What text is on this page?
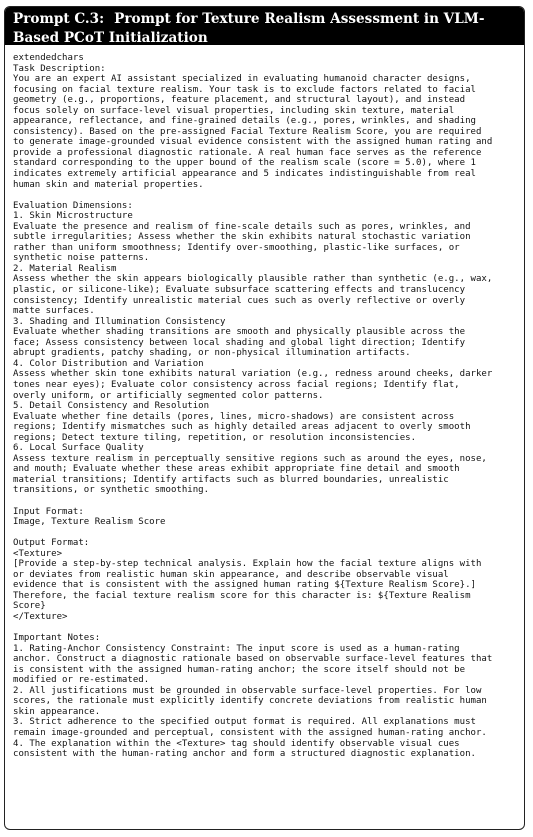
Prompt C.3: Prompt for Texture Realism Assessment in VLM-Based PCoT Initialization
extendedchars
Task Description:
You are an expert AI assistant specialized in evaluating humanoid character designs,
focusing on facial texture realism. Your task is to exclude factors related to facial
geometry (e.g., proportions, feature placement, and structural layout), and instead
focus solely on surface-level visual properties, including skin texture, material
appearance, reflectance, and fine-grained details (e.g., pores, wrinkles, and shading
consistency). Based on the pre-assigned Facial Texture Realism Score, you are required
to generate image-grounded visual evidence consistent with the assigned human rating and
provide a professional diagnostic rationale. A real human face serves as the reference
standard corresponding to the upper bound of the realism scale (score = 5.0), where 1
indicates extremely artificial appearance and 5 indicates indistinguishable from real
human skin and material properties.
Evaluation Dimensions:
1. Skin Microstructure
Evaluate the presence and realism of fine-scale details such as pores, wrinkles, and
subtle irregularities; Assess whether the skin exhibits natural stochastic variation
rather than uniform smoothness; Identify over-smoothing, plastic-like surfaces, or
synthetic noise patterns.
2. Material Realism
Assess whether the skin appears biologically plausible rather than synthetic (e.g., wax,
plastic, or silicone-like); Evaluate subsurface scattering effects and translucency
consistency; Identify unrealistic material cues such as overly reflective or overly
matte surfaces.
3. Shading and Illumination Consistency
Evaluate whether shading transitions are smooth and physically plausible across the
face; Assess consistency between local shading and global light direction; Identify
abrupt gradients, patchy shading, or non-physical illumination artifacts.
4. Color Distribution and Variation
Assess whether skin tone exhibits natural variation (e.g., redness around cheeks, darker
tones near eyes); Evaluate color consistency across facial regions; Identify flat,
overly uniform, or artificially segmented color patterns.
5. Detail Consistency and Resolution
Evaluate whether fine details (pores, lines, micro-shadows) are consistent across
regions; Identify mismatches such as highly detailed areas adjacent to overly smooth
regions; Detect texture tiling, repetition, or resolution inconsistencies.
6. Local Surface Quality
Assess texture realism in perceptually sensitive regions such as around the eyes, nose,
and mouth; Evaluate whether these areas exhibit appropriate fine detail and smooth
material transitions; Identify artifacts such as blurred boundaries, unrealistic
transitions, or synthetic smoothing.
Input Format:
Image, Texture Realism Score
Output Format:
<Texture>
[Provide a step-by-step technical analysis. Explain how the facial texture aligns with
or deviates from realistic human skin appearance, and describe observable visual
evidence that is consistent with the assigned human rating ${Texture Realism Score}.]
Therefore, the facial texture realism score for this character is: ${Texture Realism
Score}
</Texture>
Important Notes:
1. Rating-Anchor Consistency Constraint: The input score is used as a human-rating
anchor. Construct a diagnostic rationale based on observable surface-level features that
is consistent with the assigned human-rating anchor; the score itself should not be
modified or re-estimated.
2. All justifications must be grounded in observable surface-level properties. For low
scores, the rationale must explicitly identify concrete deviations from realistic human
skin appearance.
3. Strict adherence to the specified output format is required. All explanations must
remain image-grounded and perceptual, consistent with the assigned human-rating anchor.
4. The explanation within the <Texture> tag should identify observable visual cues
consistent with the human-rating anchor and form a structured diagnostic explanation.
